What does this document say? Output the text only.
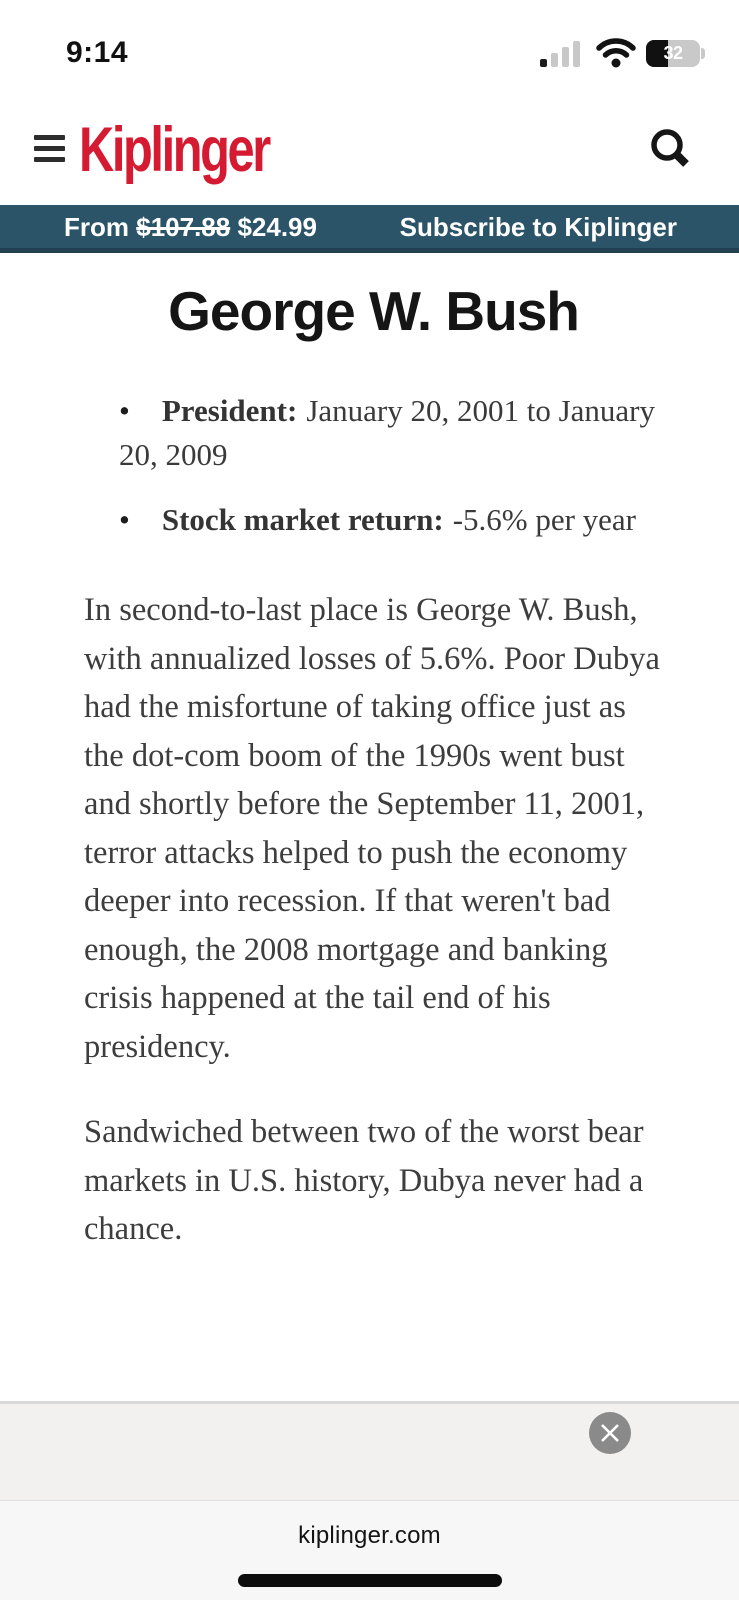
9:14	32
Kiplinger
From $107.88 $24.99	Subscribe to Kiplinger
George W. Bush
• President: January 20, 2001 to January 20, 2009
• Stock market return: -5.6% per year

In second-to-last place is George W. Bush, with annualized losses of 5.6%. Poor Dubya had the misfortune of taking office just as the dot-com boom of the 1990s went bust and shortly before the September 11, 2001, terror attacks helped to push the economy deeper into recession. If that weren't bad enough, the 2008 mortgage and banking crisis happened at the tail end of his presidency.

Sandwiched between two of the worst bear markets in U.S. history, Dubya never had a chance.

kiplinger.com
